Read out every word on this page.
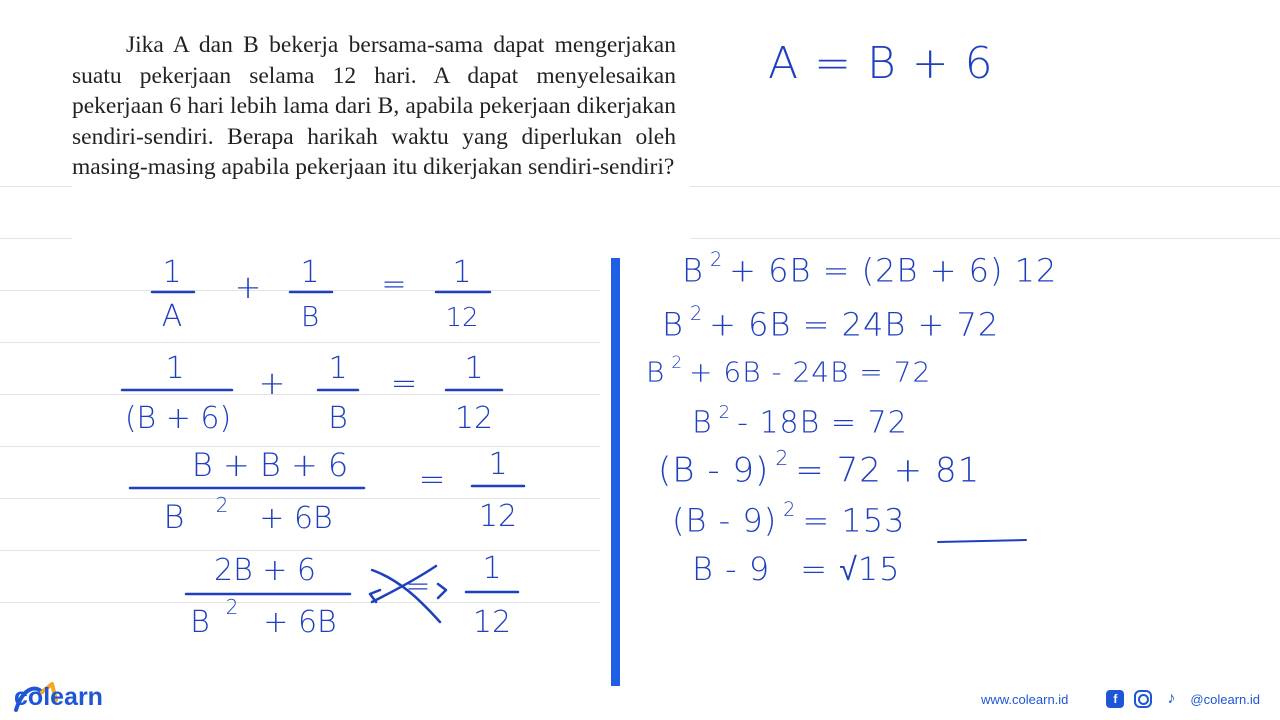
Jika A dan B bekerja bersama-sama dapat mengerjakan suatu pekerjaan selama 12 hari. A dapat menyelesaikan pekerjaan 6 hari lebih lama dari B, apabila pekerjaan dikerjakan sendiri-sendiri. Berapa harikah waktu yang diperlukan oleh masing-masing apabila pekerjaan itu dikerjakan sendiri-sendiri?
A = B + 6
1
A
+ 1
B
= 1
12
1
(B + 6)
+ 1
B
= 1
12
B + B + 6
B 2 + 6B
= 1
12
2B + 6
B 2 + 6B
=
1
12
B $^2$ + 6B = (2B + 6) 12
B $^2$ + 6B = 24B + 72
B $^2$ + 6B - 24B = 72
B $^2$ - 18B = 72
(B - 9) $^2$ = 72 + 81
(B - 9) $^2$ = 153
B - 9 = √15
co learn	www.colearn.id	f	♪	@colearn.id
